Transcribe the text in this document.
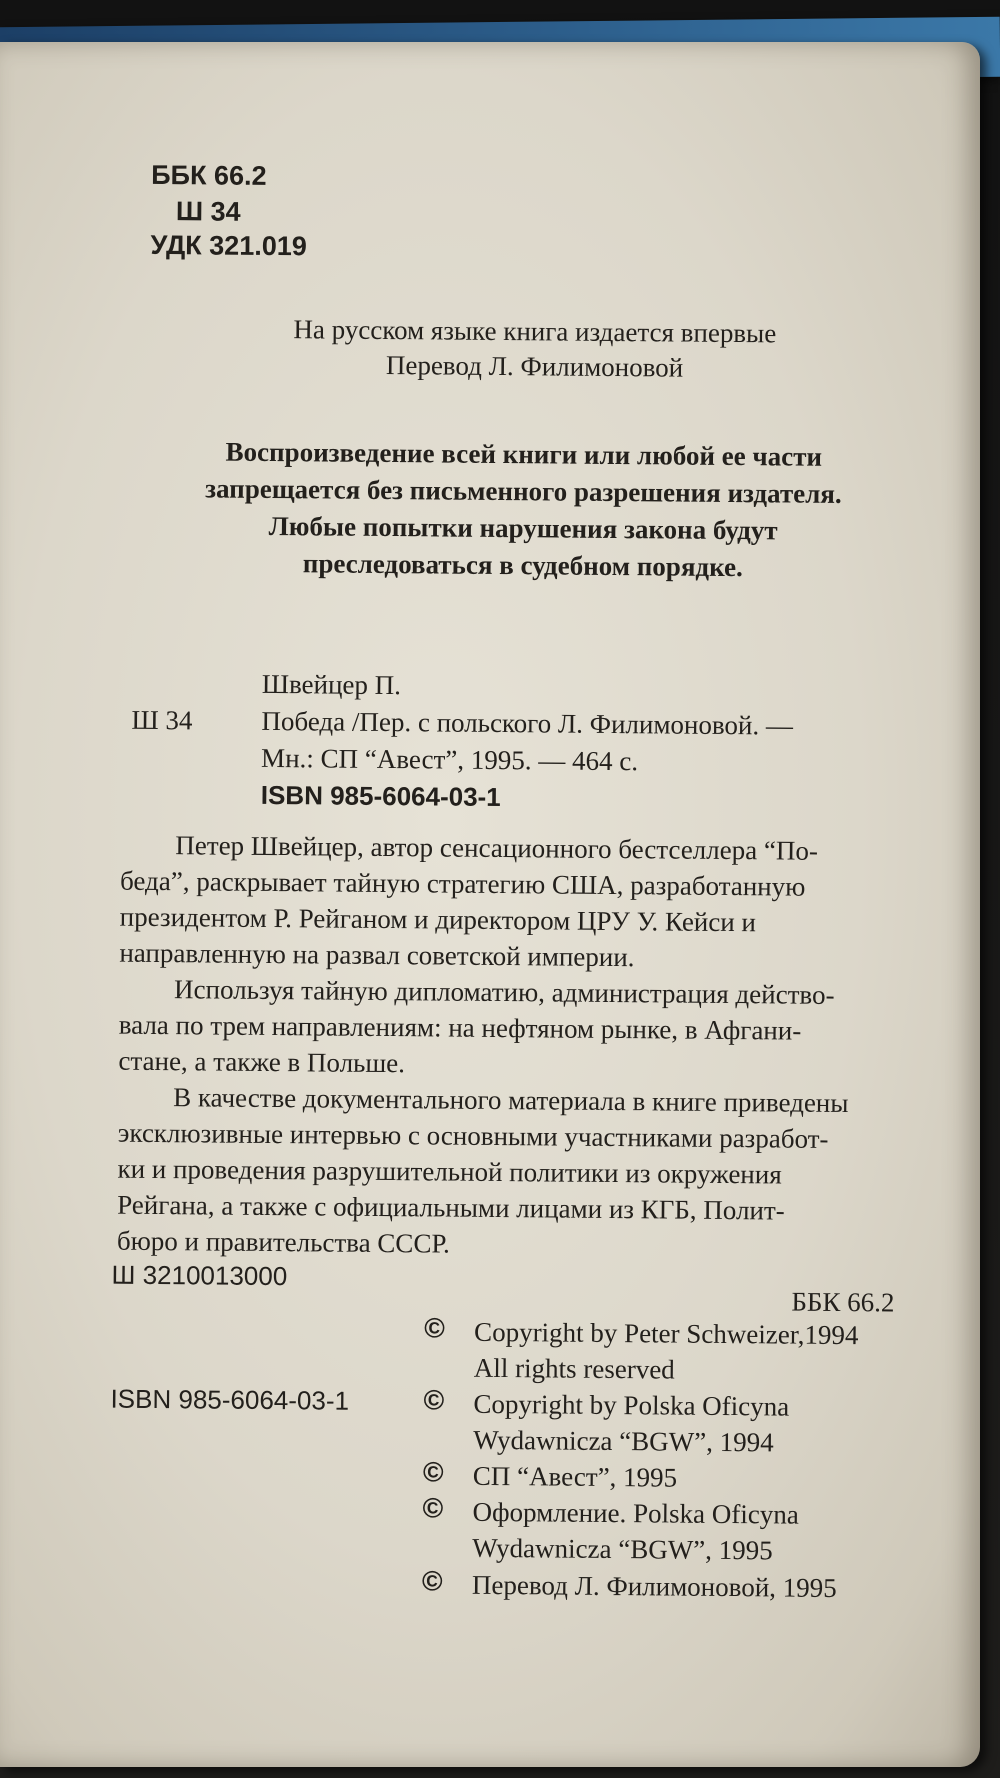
ББК 66.2
Ш 34
УДК 321.019
На русском языке книга издается впервые
Перевод Л. Филимоновой
Воспроизведение всей книги или любой ее части
запрещается без письменного разрешения издателя.
Любые попытки нарушения закона будут
преследоваться в судебном порядке.
Швейцер П.
Ш 34	Победа /Пер. с польского Л. Филимоновой. —
Мн.: СП “Авест”, 1995. — 464 с.
ISBN 985-6064-03-1
Петер Швейцер, автор сенсационного бестселлера “По-
беда”, раскрывает тайную стратегию США, разработанную
президентом Р. Рейганом и директором ЦРУ У. Кейси и
направленную на развал советской империи.
Используя тайную дипломатию, администрация действо-
вала по трем направлениям: на нефтяном рынке, в Афгани-
стане, а также в Польше.
В качестве документального материала в книге приведены
эксклюзивные интервью с основными участниками разработ-
ки и проведения разрушительной политики из окружения
Рейгана, а также с официальными лицами из КГБ, Полит-
бюро и правительства СССР.
Ш 3210013000
ISBN 985-6064-03-1
ББК 66.2
© Copyright by Peter Schweizer,1994
All rights reserved
© Copyright by Polska Oficyna
Wydawnicza “BGW”, 1994
© СП “Авест”, 1995
© Оформление. Polska Oficyna
Wydawnicza “BGW”, 1995
© Перевод Л. Филимоновой, 1995
